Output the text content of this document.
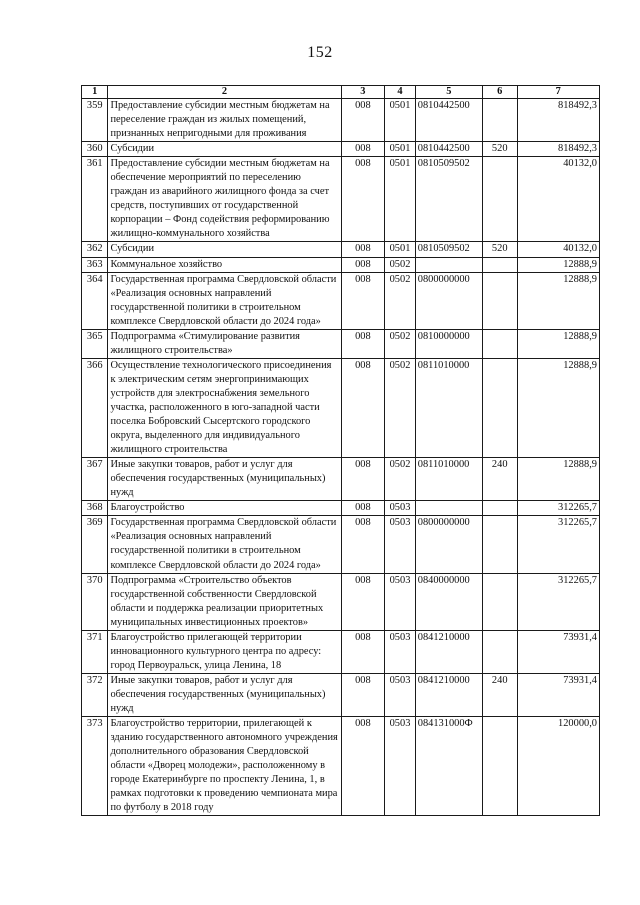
152
1	2	3	4	5	6	7
359	Предоставление субсидии местным бюджетам на переселение граждан из жилых помещений, признанных непригодными для проживания	008	0501	0810442500		818492,3
360	Субсидии	008	0501	0810442500	520	818492,3
361	Предоставление субсидии местным бюджетам на обеспечение мероприятий по переселению граждан из аварийного жилищного фонда за счет средств, поступивших от государственной корпорации – Фонд содействия реформированию жилищно-коммунального хозяйства	008	0501	0810509502		40132,0
362	Субсидии	008	0501	0810509502	520	40132,0
363	Коммунальное хозяйство	008	0502			12888,9
364	Государственная программа Свердловской области «Реализация основных направлений государственной политики в строительном комплексе Свердловской области до 2024 года»	008	0502	0800000000		12888,9
365	Подпрограмма «Стимулирование развития жилищного строительства»	008	0502	0810000000		12888,9
366	Осуществление технологического присоединения к электрическим сетям энергопринимающих устройств для электроснабжения земельного участка, расположенного в юго-западной части поселка Бобровский Сысертского городского округа, выделенного для индивидуального жилищного строительства	008	0502	0811010000		12888,9
367	Иные закупки товаров, работ и услуг для обеспечения государственных (муниципальных) нужд	008	0502	0811010000	240	12888,9
368	Благоустройство	008	0503			312265,7
369	Государственная программа Свердловской области «Реализация основных направлений государственной политики в строительном комплексе Свердловской области до 2024 года»	008	0503	0800000000		312265,7
370	Подпрограмма «Строительство объектов государственной собственности Свердловской области и поддержка реализации приоритетных муниципальных инвестиционных проектов»	008	0503	0840000000		312265,7
371	Благоустройство прилегающей территории инновационного культурного центра по адресу: город Первоуральск, улица Ленина, 18	008	0503	0841210000		73931,4
372	Иные закупки товаров, работ и услуг для обеспечения государственных (муниципальных) нужд	008	0503	0841210000	240	73931,4
373	Благоустройство территории, прилегающей к зданию государственного автономного учреждения дополнительного образования Свердловской области «Дворец молодежи», расположенному в городе Екатеринбурге по проспекту Ленина, 1, в рамках подготовки к проведению чемпионата мира по футболу в 2018 году	008	0503	084131000Ф		120000,0
